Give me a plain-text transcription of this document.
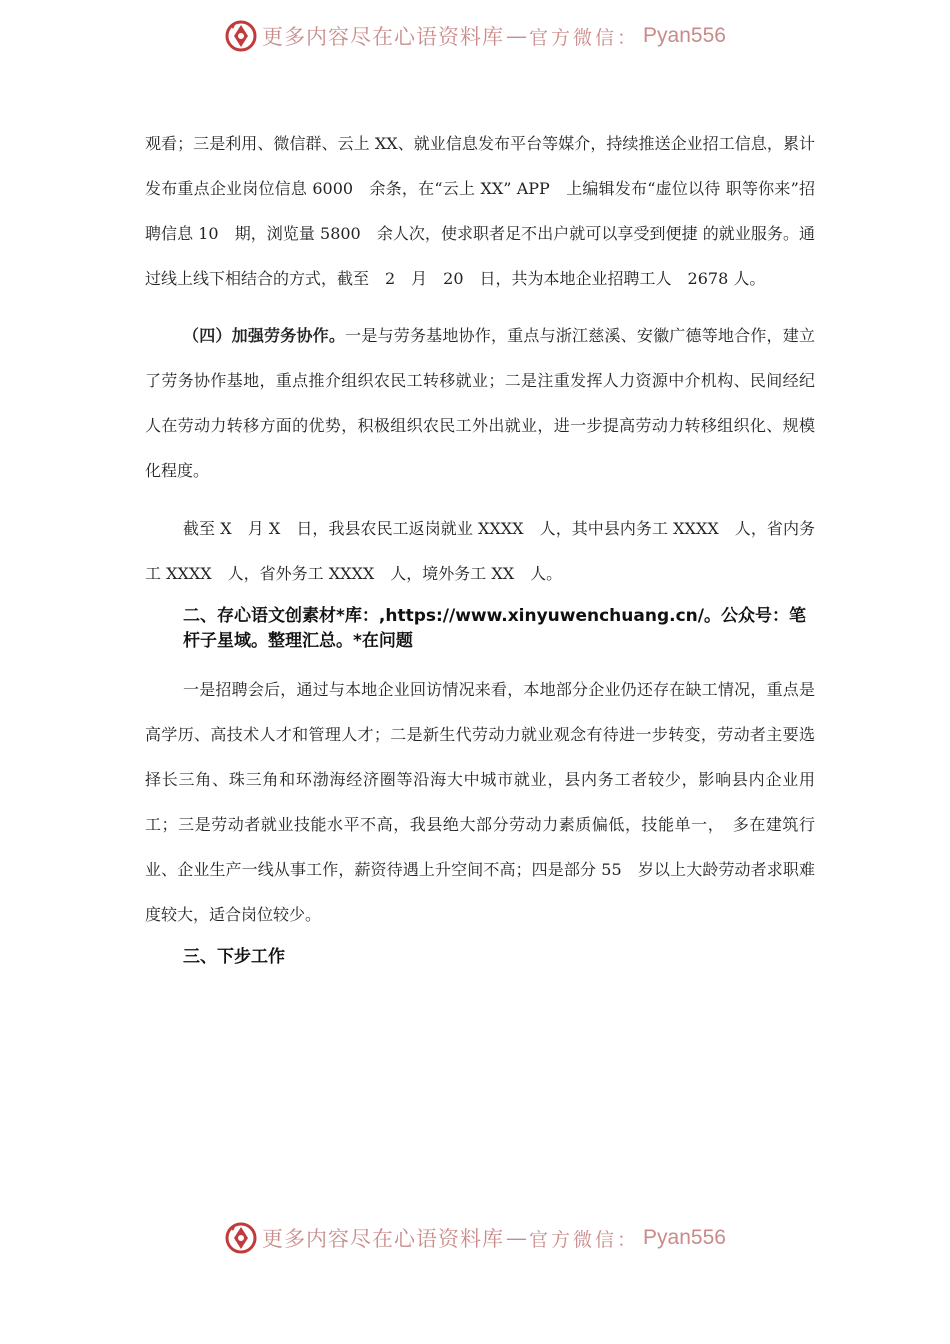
更多内容尽在心语资料库 — 官方微信： Pyan556

观看；三是利用、微信群、云上 XX、就业信息发布平台等媒介，持续推送企业招工信息，累计发布重点企业岗位信息 6000　余条，在“云上 XX” APP　上编辑发布“虚位以待 职等你来”招聘信息 10　期，浏览量 5800　余人次，使求职者足不出户就可以享受到便捷 的就业服务。通过线上线下相结合的方式，截至　2　月　20　日，共为本地企业招聘工人　2678 人。

（四）加强劳务协作。一是与劳务基地协作，重点与浙江慈溪、安徽广德等地合作，建立了劳务协作基地，重点推介组织农民工转移就业；二是注重发挥人力资源中介机构、民间经纪人在劳动力转移方面的优势，积极组织农民工外出就业，进一步提高劳动力转移组织化、规模化程度。

截至 X　月 X　日，我县农民工返岗就业 XXXX　人，其中县内务工 XXXX　人，省内务工 XXXX　人，省外务工 XXXX　人，境外务工 XX　人。

二、存心语文创素材*库：,https://www.xinyuwenchuang.cn/。公众号：笔杆子星域。整理汇总。*在问题

一是招聘会后，通过与本地企业回访情况来看，本地部分企业仍还存在缺工情况，重点是高学历、高技术人才和管理人才；二是新生代劳动力就业观念有待进一步转变，劳动者主要选择长三角、珠三角和环渤海经济圈等沿海大中城市就业，县内务工者较少，影响县内企业用工；三是劳动者就业技能水平不高，我县绝大部分劳动力素质偏低，技能单一，　多在建筑行业、企业生产一线从事工作，薪资待遇上升空间不高；四是部分 55　岁以上大龄劳动者求职难度较大，适合岗位较少。

三、下步工作

更多内容尽在心语资料库 — 官方微信： Pyan556
